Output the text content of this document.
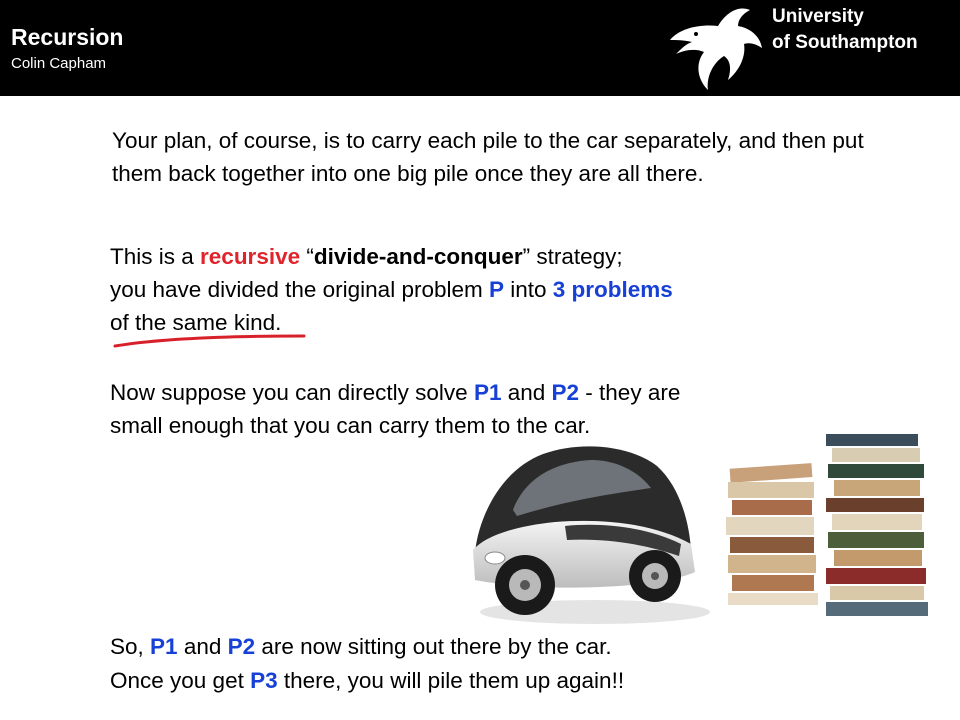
Recursion
Colin Capham
University
of Southampton
Your plan, of course, is to carry each pile to the car separately, and then put them back together into one big pile once they are all there.
This is a recursive “divide-and-conquer” strategy;
you have divided the original problem P into 3 problems
of the same kind.
Now suppose you can directly solve P1 and P2 - they are
small enough that you can carry them to the car.
So, P1 and P2 are now sitting out there by the car.
Once you get P3 there, you will pile them up again!!
